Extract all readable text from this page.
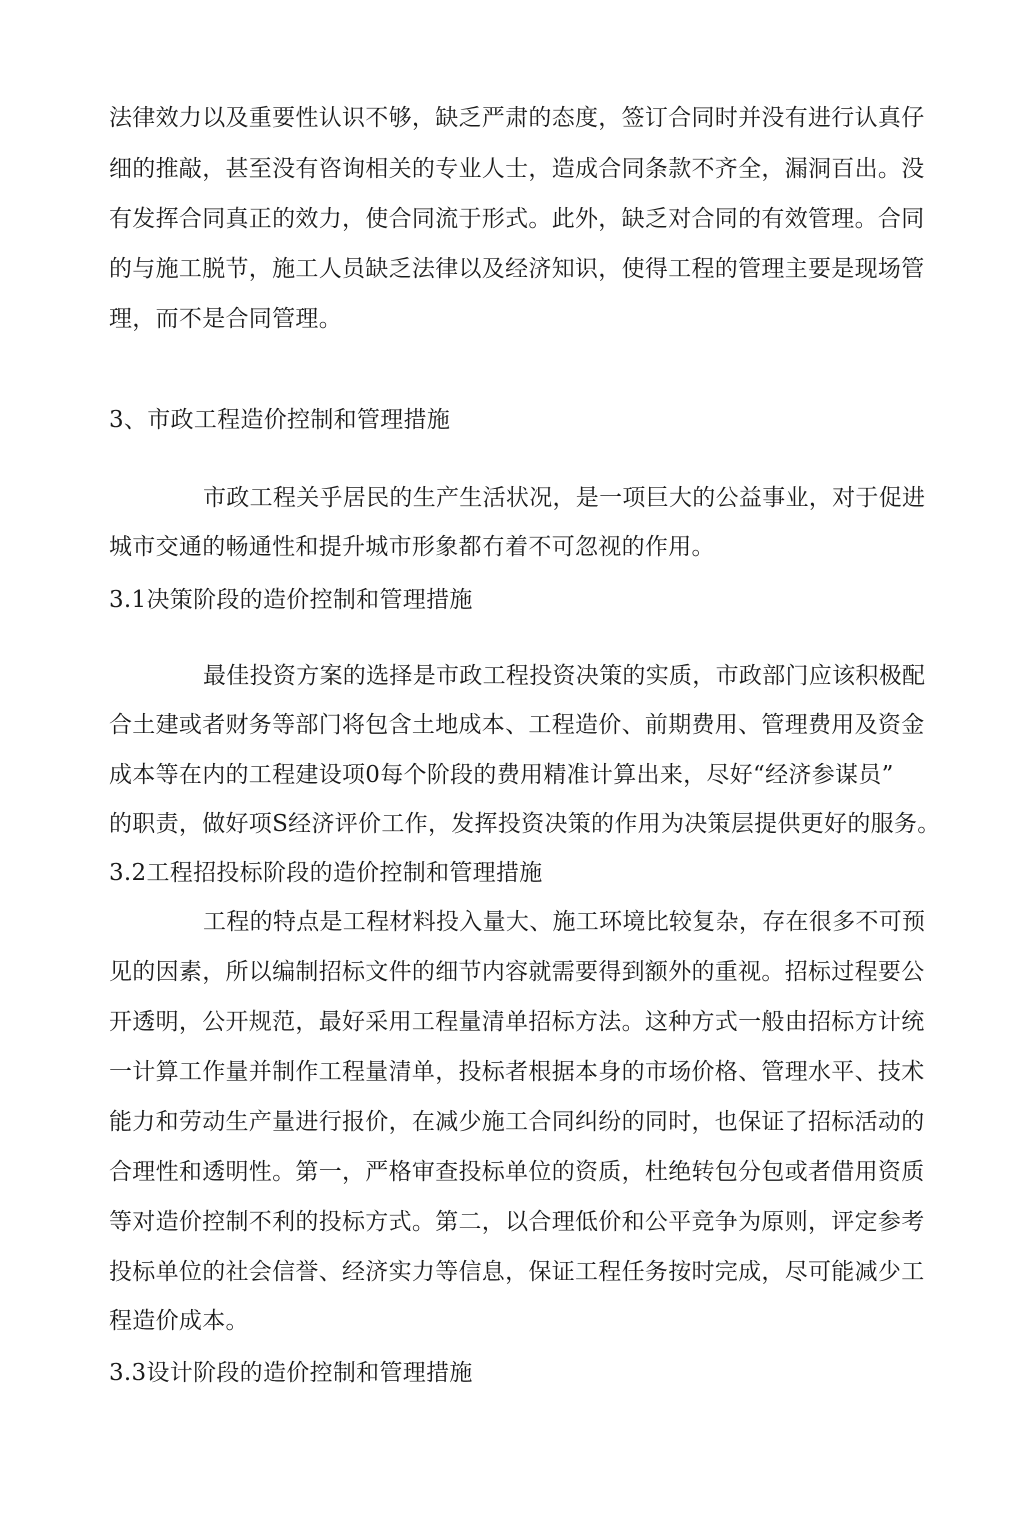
法律效力以及重要性认识不够，缺乏严肃的态度，签订合同时并没有进行认真仔
细的推敲，甚至没有咨询相关的专业人士，造成合同条款不齐全，漏洞百出。没
有发挥合同真正的效力，使合同流于形式。此外，缺乏对合同的有效管理。合同
的与施工脱节，施工人员缺乏法律以及经济知识，使得工程的管理主要是现场管
理，而不是合同管理。
3、市政工程造价控制和管理措施
市政工程关乎居民的生产生活状况，是一项巨大的公益事业，对于促进
城市交通的畅通性和提升城市形象都冇着不可忽视的作用。
3.1决策阶段的造价控制和管理措施
最佳投资方案的选择是市政工程投资决策的实质，市政部门应该积极配
合土建或者财务等部门将包含土地成本、工程造价、前期费用、管理费用及资金
成本等在内的工程建设项0每个阶段的费用精准计算出来，尽好“经济参谋员”
的职责，做好项S经济评价工作，发挥投资决策的作用为决策层提供更好的服务。
3.2工程招投标阶段的造价控制和管理措施
工程的特点是工程材料投入量大、施工环境比较复杂，存在很多不可预
见的因素，所以编制招标文件的细节内容就需要得到额外的重视。招标过程要公
开透明，公开规范，最好采用工程量清单招标方法。这种方式一般由招标方计统
一计算工作量并制作工程量清单，投标者根据本身的市场价格、管理水平、技术
能力和劳动生产量进行报价，在减少施工合同纠纷的同时，也保证了招标活动的
合理性和透明性。第一，严格审查投标单位的资质，杜绝转包分包或者借用资质
等对造价控制不利的投标方式。第二，以合理低价和公平竞争为原则，评定参考
投标单位的社会信誉、经济实力等信息，保证工程任务按时完成，尽可能减少工
程造价成本。
3.3设计阶段的造价控制和管理措施
